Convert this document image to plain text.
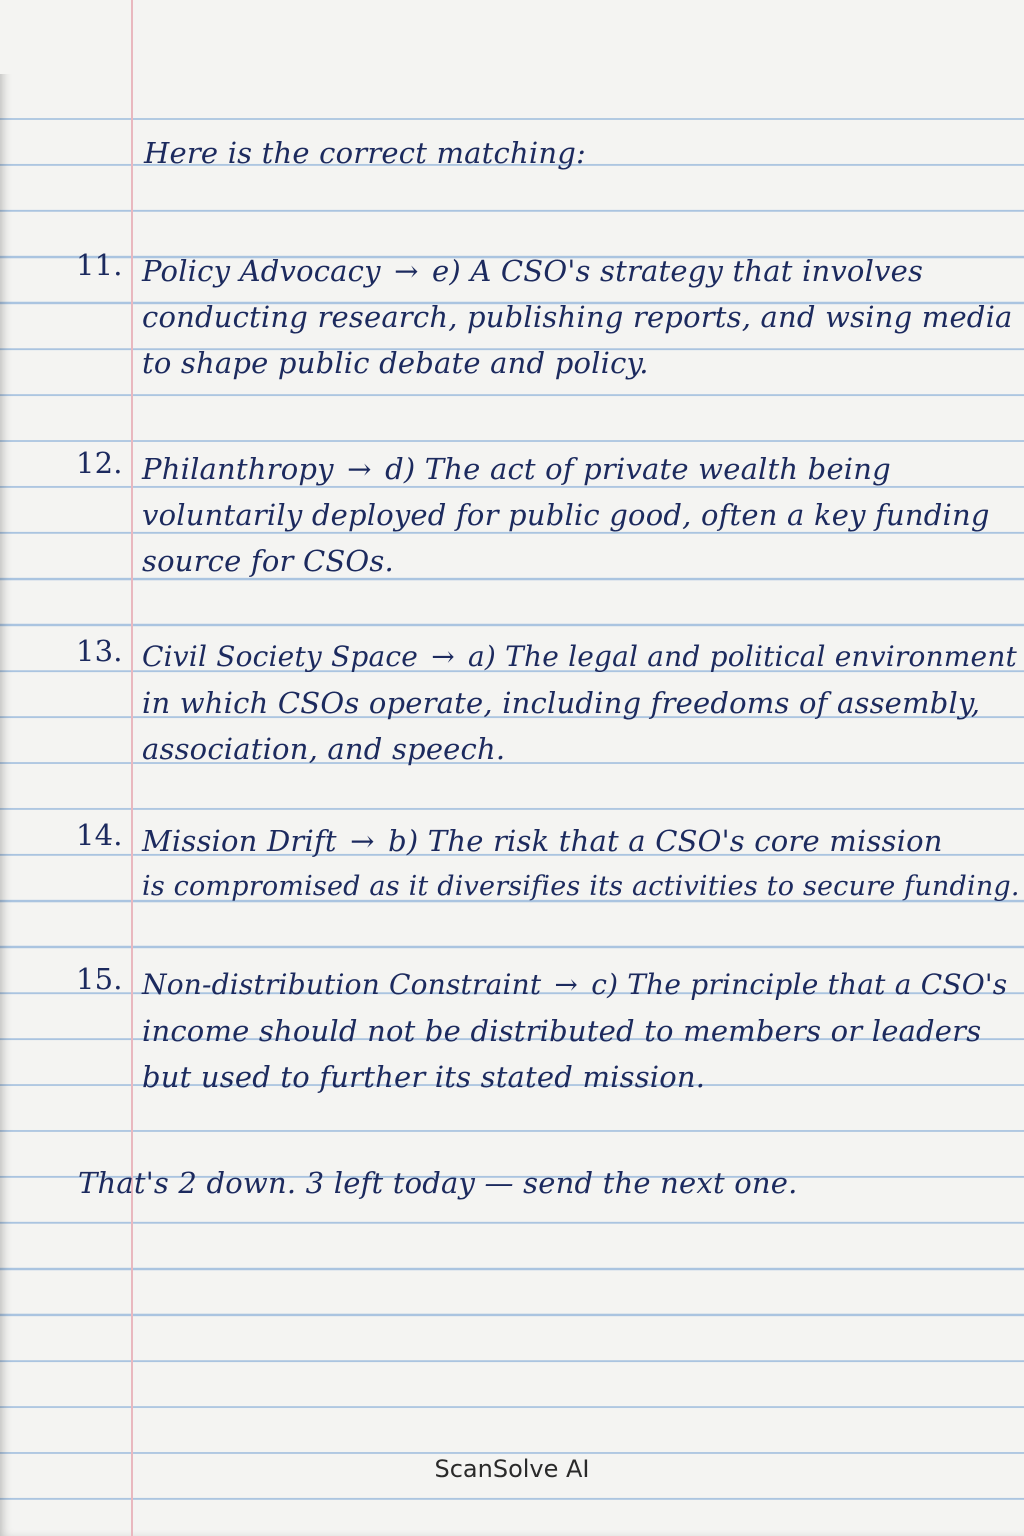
Here is the correct matching:
11. Policy Advocacy → e) A CSO's strategy that involves
conducting research, publishing reports, and wsing media
to shape public debate and policy.
12. Philanthropy → d) The act of private wealth being
voluntarily deployed for public good, often a key funding
source for CSOs.
13. Civil Society Space → a) The legal and political environment
in which CSOs operate, including freedoms of assembly,
association, and speech.
14. Mission Drift → b) The risk that a CSO's core mission
is compromised as it diversifies its activities to secure funding.
15. Non-distribution Constraint → c) The principle that a CSO's
income should not be distributed to members or leaders
but used to further its stated mission.
That's 2 down. 3 left today — send the next one.
ScanSolve AI
